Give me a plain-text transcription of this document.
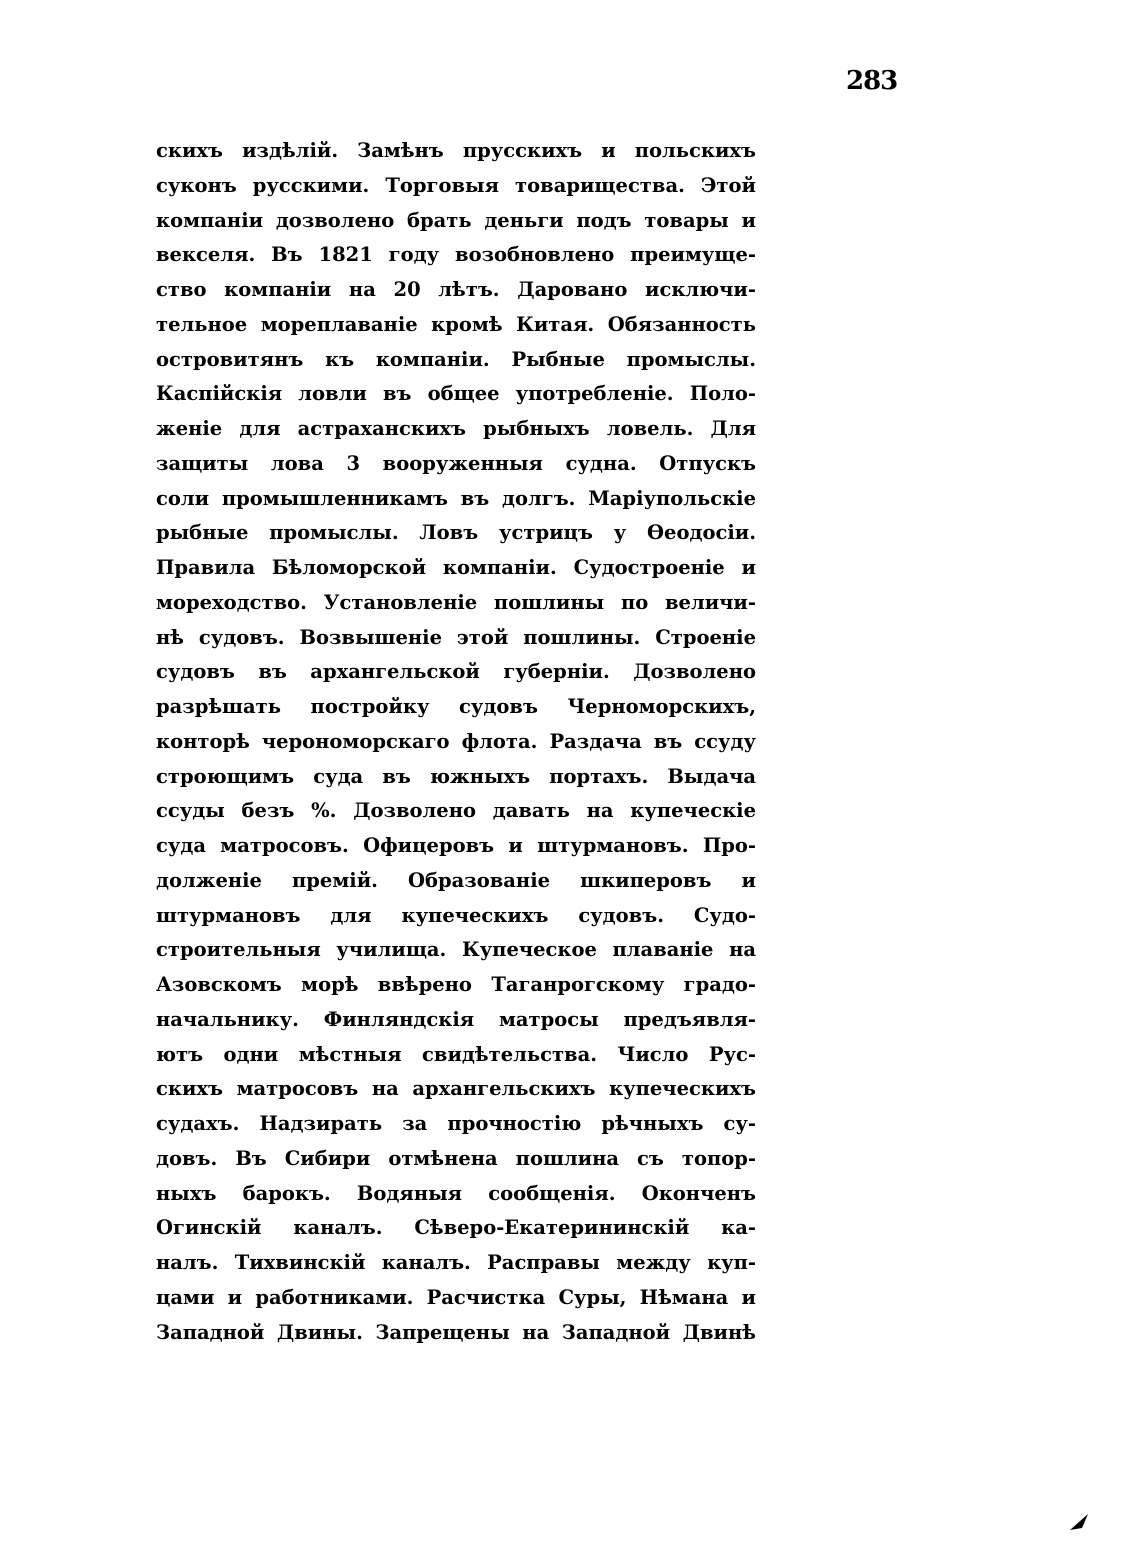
283
скихъ издѣлій. Замѣнъ прусскихъ и польскихъ
суконъ русскими. Торговыя товарищества. Этой
компаніи дозволено брать деньги подъ товары и
векселя. Въ 1821 году возобновлено преимуще-
ство компаніи на 20 лѣтъ. Даровано исключи-
тельное мореплаваніе кромѣ Китая. Обязанность
островитянъ къ компаніи. Рыбные промыслы.
Каспійскія ловли въ общее употребленіе. Поло-
женіе для астраханскихъ рыбныхъ ловель. Для
защиты лова 3 вооруженныя судна. Отпускъ
соли промышленникамъ въ долгъ. Маріупольскіе
рыбные промыслы. Ловъ устрицъ у Ѳеодосіи.
Правила Бѣломорской компаніи. Судостроеніе и
мореходство. Установленіе пошлины по величи-
нѣ судовъ. Возвышеніе этой пошлины. Строеніе
судовъ въ архангельской губерніи. Дозволено
разрѣшать постройку судовъ Черноморскихъ,
конторѣ черономорскаго флота. Раздача въ ссуду
строющимъ суда въ южныхъ портахъ. Выдача
ссуды безъ %. Дозволено давать на купеческіе
суда матросовъ. Офицеровъ и штурмановъ. Про-
долженіе премій. Образованіе шкиперовъ и
штурмановъ для купеческихъ судовъ. Судо-
строительныя училища. Купеческое плаваніе на
Азовскомъ морѣ ввѣрено Таганрогскому градо-
начальнику. Финляндскія матросы предъявля-
ютъ одни мѣстныя свидѣтельства. Число Рус-
скихъ матросовъ на архангельскихъ купеческихъ
судахъ. Надзирать за прочностію рѣчныхъ су-
довъ. Въ Сибири отмѣнена пошлина съ топор-
ныхъ барокъ. Водяныя сообщенія. Оконченъ
Огинскій каналъ. Сѣверо-Екатерининскій ка-
налъ. Тихвинскій каналъ. Расправы между куп-
цами и работниками. Расчистка Суры, Нѣмана и
Западной Двины. Запрещены на Западной Двинѣ
